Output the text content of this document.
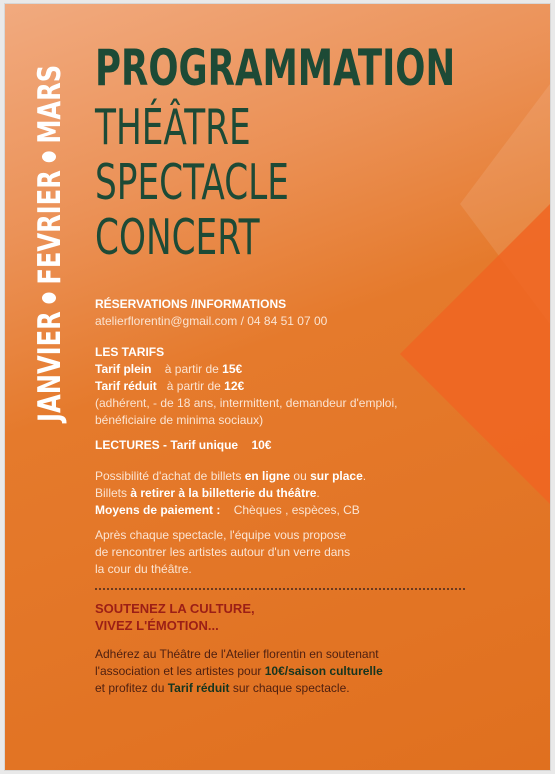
JANVIERFEVRIERMARS PROGRAMMATION
THÉÂTRE
SPECTACLE
CONCERT
RÉSERVATIONS /INFORMATIONS
atelierflorentin@gmail.com / 04 84 51 07 00
LES TARIFS
Tarif plein à partir de 15€
Tarif réduit à partir de 12€
(adhérent, - de 18 ans, intermittent, demandeur d'emploi,
bénéficiaire de minima sociaux)
LECTURES - Tarif unique 10€
Possibilité d'achat de billets en ligne ou sur place.
Billets à retirer à la billetterie du théâtre.
Moyens de paiement : Chèques , espèces, CB
Après chaque spectacle, l'équipe vous propose
de rencontrer les artistes autour d'un verre dans
la cour du théâtre.
SOUTENEZ LA CULTURE,
VIVEZ L'ÉMOTION...
Adhérez au Théâtre de l'Atelier florentin en soutenant
l'association et les artistes pour 10€/saison culturelle
et profitez du Tarif réduit sur chaque spectacle.
